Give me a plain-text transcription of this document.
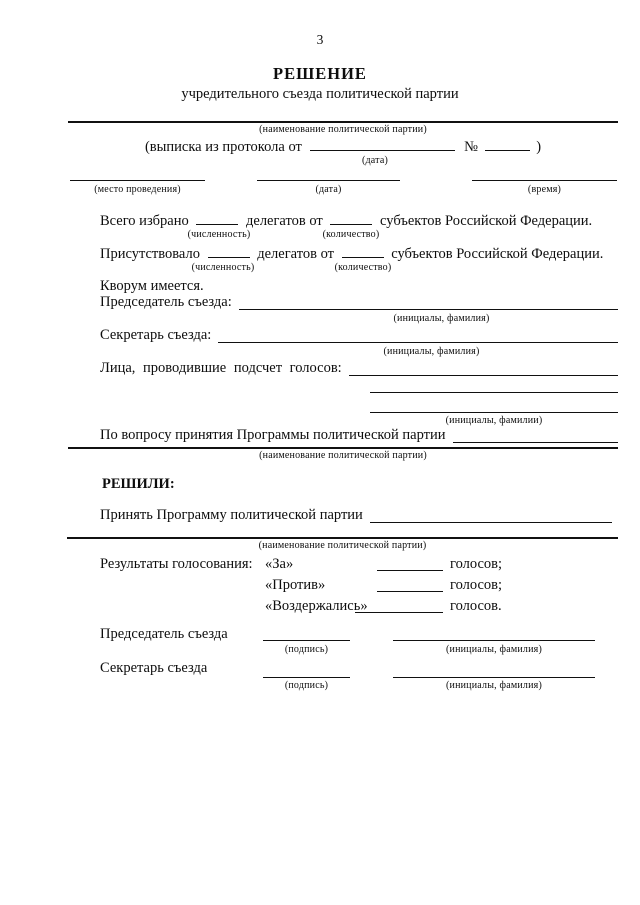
3
РЕШЕНИЕ
учредительного съезда политической партии
(наименование политической партии)
(выписка из протокола от	№	)
(дата)
(место проведения)	(дата)	(время)
Всего избрано	делегатов от	субъектов Российской Федерации.
(численность)	(количество)
Присутствовало	делегатов от	субъектов Российской Федерации.
(численность)	(количество)
Кворум имеется.
Председатель съезда:
(инициалы, фамилия)
Секретарь съезда:
(инициалы, фамилия)
Лица, проводившие подсчет голосов:
(инициалы, фамилии)
По вопросу принятия Программы политической партии
(наименование политической партии)
РЕШИЛИ:
Принять Программу политической партии
(наименование политической партии)
Результаты голосования: «За»	голосов;
«Против»	голосов;
«Воздержались»	голосов.
Председатель съезда
(подпись)	(инициалы, фамилия)
Секретарь съезда
(подпись)	(инициалы, фамилия)
